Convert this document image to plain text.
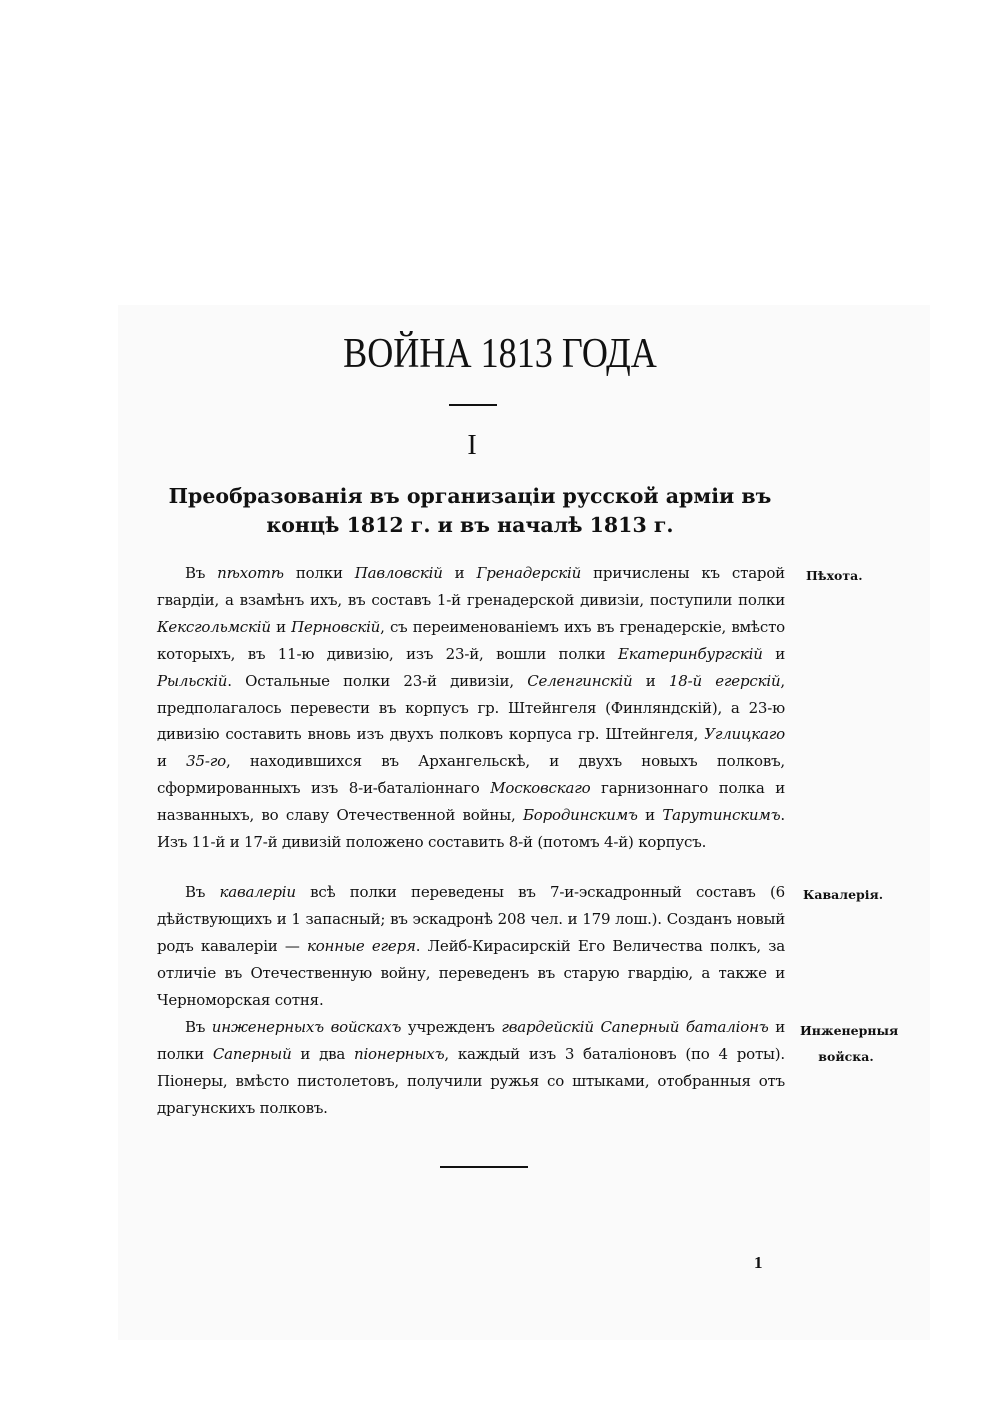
ВОЙНА 1813 ГОДА
I
Преобразованія въ организаціи русской арміи въ концѣ 1812 г. и въ началѣ 1813 г.

Въ пѣхотѣ полки Павловскій и Гренадерскій причислены къ старой гвардіи, а взамѣнъ ихъ, въ составъ 1-й гренадерской дивизіи, поступили полки Кексгольмскій и Перновскій, съ переименованіемъ ихъ въ гренадерскіе, вмѣсто которыхъ, въ 11-ю дивизію, изъ 23-й, вошли полки Екатеринбургскій и Рыльскій. Остальные полки 23-й дивизіи, Селенгинскій и 18-й егерскій, предполагалось перевести въ корпусъ гр. Штейнгеля (Финляндскій), а 23-ю дивизію составить вновь изъ двухъ полковъ корпуса гр. Штейнгеля, Углицкаго и 35-го, находившихся въ Архангельскѣ, и двухъ новыхъ полковъ, сформированныхъ изъ 8-и-баталіоннаго Московскаго гарнизоннаго полка и названныхъ, во славу Отечественной войны, Бородинскимъ и Тарутинскимъ. Изъ 11-й и 17-й дивизій положено составить 8-й (потомъ 4-й) корпусъ.

Пѣхота.

Въ кавалеріи всѣ полки переведены въ 7-и-эскадронный составъ (6 дѣйствующихъ и 1 запасный; въ эскадронѣ 208 чел. и 179 лош.). Созданъ новый родъ кавалеріи — конные егеря. Лейб-Кирасирскій Его Величества полкъ, за отличіе въ Отечественную войну, переведенъ въ старую гвардію, а также и Черноморская сотня.

Кавалерія.

Въ инженерныхъ войскахъ учрежденъ гвардейскій Саперный баталіонъ и полки Саперный и два піонерныхъ, каждый изъ 3 баталіоновъ (по 4 роты). Піонеры, вмѣсто пистолетовъ, получили ружья со штыками, отобранныя отъ драгунскихъ полковъ.

Инженерныя войска.
1
